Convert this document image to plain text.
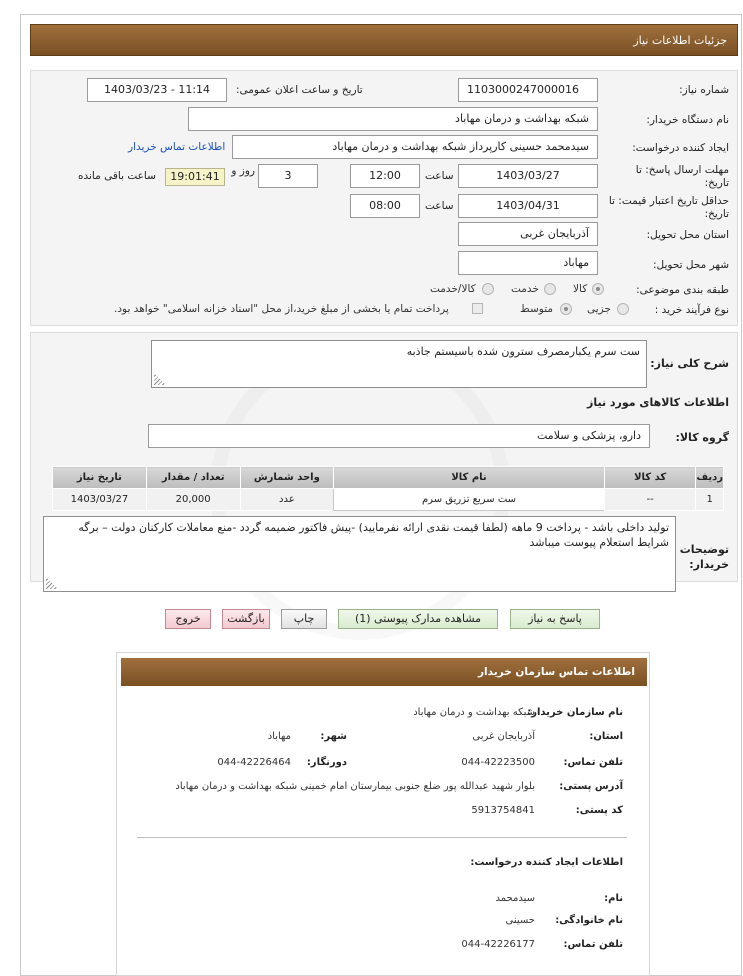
جزئیات اطلاعات نیاز
شماره نیاز:
1103000247000016
تاریخ و ساعت اعلان عمومی:
1403/03/23 - 11:14
نام دستگاه خریدار:
شبکه بهداشت و درمان مهاباد
ایجاد کننده درخواست:
سیدمحمد حسینی کارپرداز شبکه بهداشت و درمان مهاباد
اطلاعات تماس خریدار
مهلت ارسال پاسخ: تا تاریخ:
1403/03/27
ساعت
12:00
3
روز و
19:01:41
ساعت باقی مانده
حداقل تاریخ اعتبار قیمت: تا تاریخ:
1403/04/31
ساعت
08:00
استان محل تحویل:
آذربایجان غربی
شهر محل تحویل:
مهاباد
طبقه بندی موضوعی:
کالا
خدمت
کالا/خدمت
نوع فرآیند خرید :
جزیی
متوسط
پرداخت تمام یا بخشی از مبلغ خرید،از محل "اسناد خزانه اسلامی" خواهد بود.
شرح کلی نیاز:
ست سرم یکبارمصرف سترون شده باسیستم جاذبه
اطلاعات کالاهای مورد نیاز
گروه کالا:
دارو، پزشکی و سلامت
ردیف	کد کالا	نام کالا	واحد شمارش	تعداد / مقدار	تاریخ نیاز
1	--	ست سریع تزریق سرم	عدد	20,000	1403/03/27
توضیحات خریدار:
تولید داخلی باشد - پرداخت 9 ماهه (لطفا قیمت نقدی ارائه نفرمایید) -پیش فاکتور ضمیمه گردد -منع معاملات کارکنان دولت – برگه شرایط استعلام پیوست میباشد
پاسخ به نیاز
مشاهده مدارک پیوستی (1)
چاپ
بازگشت
خروج
اطلاعات تماس سازمان خریدار
نام سازمان خریدار:
شبکه بهداشت و درمان مهاباد
استان:
آذربایجان غربی
شهر:
مهاباد
تلفن تماس:
044-42223500
دورنگار:
044-42226464
آدرس پستی:
بلوار شهید عبدالله پور ضلع جنوبی بیمارستان امام خمینی شبکه بهداشت و درمان مهاباد
کد پستی:
5913754841
اطلاعات ایجاد کننده درخواست:
نام:
سیدمحمد
نام خانوادگی:
حسینی
تلفن تماس:
044-42226177
